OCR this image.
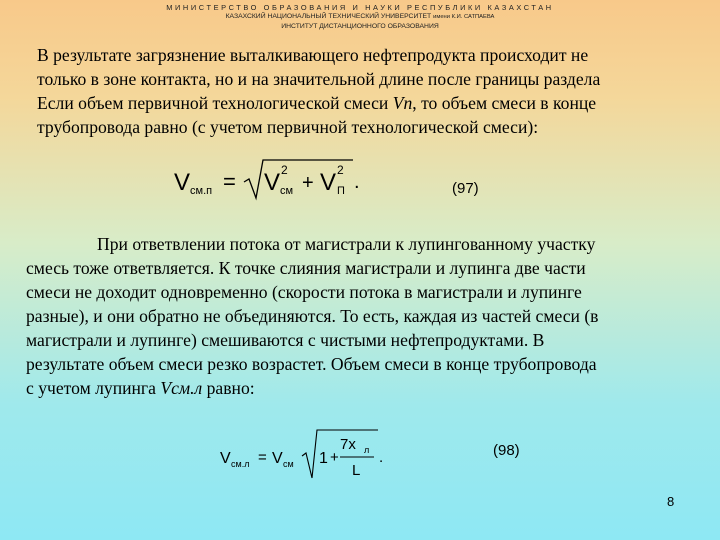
МИНИСТЕРСТВО ОБРАЗОВАНИЯ И НАУКИ РЕСПУБЛИКИ КАЗАХСТАН
КАЗАХСКИЙ НАЦИОНАЛЬНЫЙ ТЕХНИЧЕСКИЙ УНИВЕРСИТЕТ имени К.И. САТПАЕВА
ИНСТИТУТ ДИСТАНЦИОННОГО ОБРАЗОВАНИЯ
В результате загрязнение выталкивающего нефтепродукта происходит не
только в зоне контакта, но и на значительной длине после границы раздела
Если объем первичной технологической смеси Vп, то объем смеси в конце
трубопровода равно (с учетом первичной технологической смеси):
V см.п = V 2
см + V 2
П .	(97)
При ответвлении потока от магистрали к лупингованному участку
смесь тоже ответвляется. К точке слияния магистрали и лупинга две части
смеси не доходит одновременно (скорости потока в магистрали и лупинге
разные), и они обратно не объединяются. То есть, каждая из частей смеси (в
магистрали и лупинге) смешиваются с чистыми нефтепродуктами. В
результате объем смеси резко возрастет. Объем смеси в конце трубопровода
с учетом лупинга Vсм.л равно:
V см.л = V см 1 +
7x л
L
.	(98)
8
